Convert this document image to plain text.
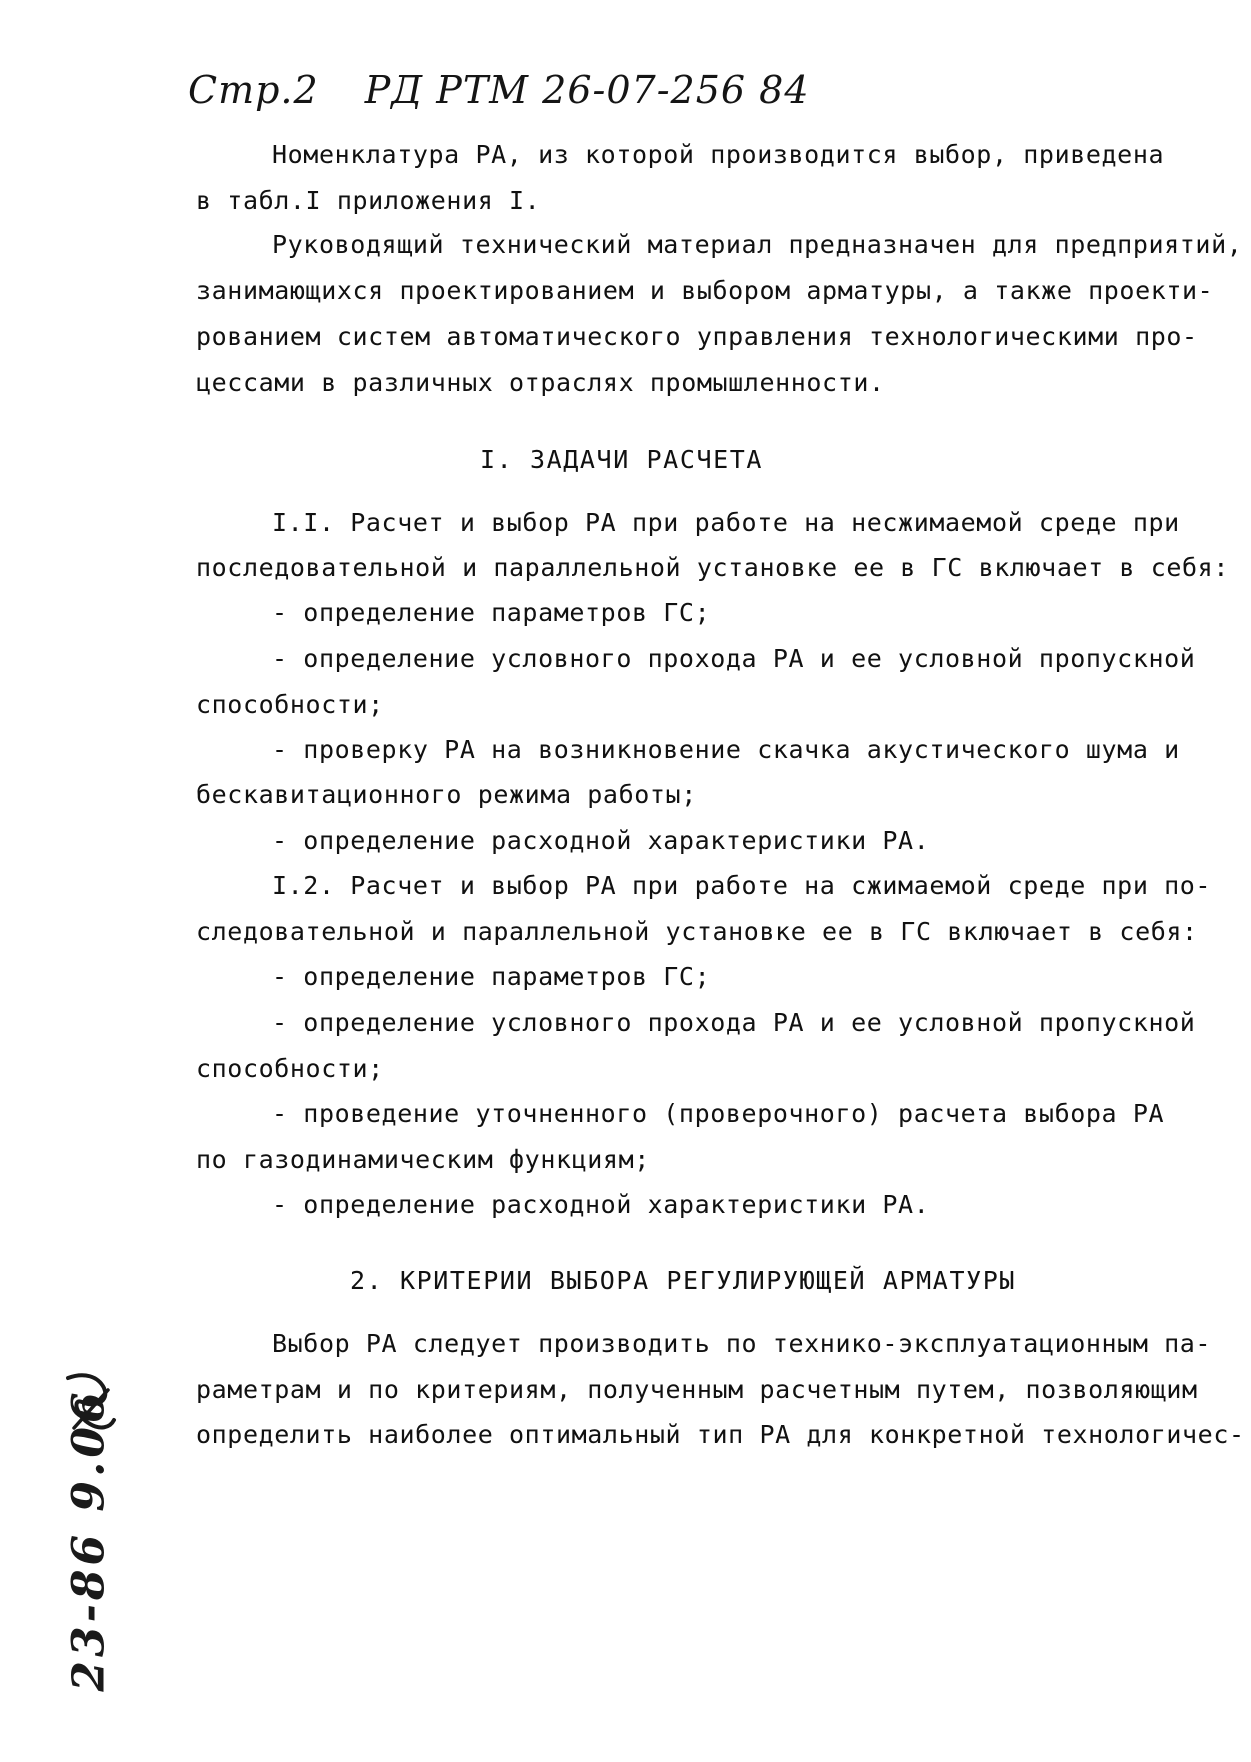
Стр.2 РД РТМ 26-07-256 84
Номенклатура РА, из которой производится выбор, приведена
в табл.I приложения I.
Руководящий технический материал предназначен для предприятий,
занимающихся проектированием и выбором арматуры, а также проекти-
рованием систем автоматического управления технологическими про-
цессами в различных отраслях промышленности.
I. ЗАДАЧИ РАСЧЕТА
I.I. Расчет и выбор РА при работе на несжимаемой среде при
последовательной и параллельной установке ее в ГС включает в себя:
- определение параметров ГС;
- определение условного прохода РА и ее условной пропускной
способности;
- проверку РА на возникновение скачка акустического шума и
бескавитационного режима работы;
- определение расходной характеристики РА.
I.2. Расчет и выбор РА при работе на сжимаемой среде при по-
следовательной и параллельной установке ее в ГС включает в себя:
- определение параметров ГС;
- определение условного прохода РА и ее условной пропускной
способности;
- проведение уточненного (проверочного) расчета выбора РА
по газодинамическим функциям;
- определение расходной характеристики РА.
2. КРИТЕРИИ ВЫБОРА РЕГУЛИРУЮЩЕЙ АРМАТУРЫ
Выбор РА следует производить по технико-эксплуатационным па-
раметрам и по критериям, полученным расчетным путем, позволяющим
определить наиболее оптимальный тип РА для конкретной технологичес-
23-86 9.06
